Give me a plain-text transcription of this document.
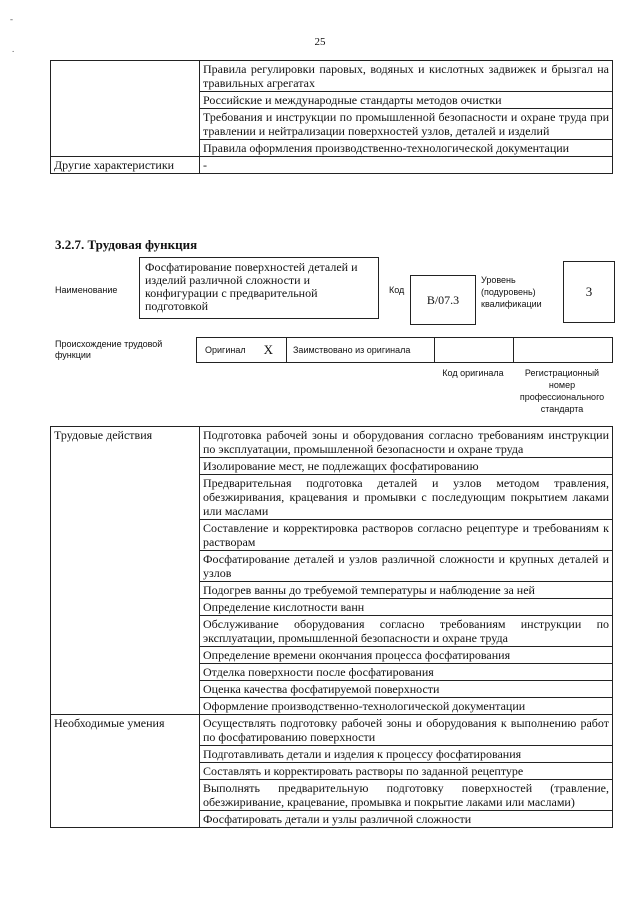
-
.
25
	Правила регулировки паровых, водяных и кислотных задвижек и брызгал на травильных агрегатах
	Российские и международные стандарты методов очистки
	Требования и инструкции по промышленной безопасности и охране труда при травлении и нейтрализации поверхностей узлов, деталей и изделий
	Правила оформления производственно-технологической документации
Другие характеристики	-
3.2.7. Трудовая функция
Наименование
Фосфатирование поверхностей деталей и изделий различной сложности и конфигурации с предварительной подготовкой
Код
B/07.3
Уровень (подуровень) квалификации
3
Происхождение трудовой функции	Оригинал X	Заимствовано из оригинала
Код оригинала	Регистрационный номер профессионального стандарта
Трудовые действия	Подготовка рабочей зоны и оборудования согласно требованиям инструкции по эксплуатации, промышленной безопасности и охране труда
	Изолирование мест, не подлежащих фосфатированию
	Предварительная подготовка деталей и узлов методом травления, обезжиривания, крацевания и промывки с последующим покрытием лаками или маслами
	Составление и корректировка растворов согласно рецептуре и требованиям к растворам
	Фосфатирование деталей и узлов различной сложности и крупных деталей и узлов
	Подогрев ванны до требуемой температуры и наблюдение за ней
	Определение кислотности ванн
	Обслуживание оборудования согласно требованиям инструкции по эксплуатации, промышленной безопасности и охране труда
	Определение времени окончания процесса фосфатирования
	Отделка поверхности после фосфатирования
	Оценка качества фосфатируемой поверхности
	Оформление производственно-технологической документации
Необходимые умения	Осуществлять подготовку рабочей зоны и оборудования к выполнению работ по фосфатированию поверхности
	Подготавливать детали и изделия к процессу фосфатирования
	Составлять и корректировать растворы по заданной рецептуре
	Выполнять предварительную подготовку поверхностей (травление, обезжиривание, крацевание, промывка и покрытие лаками или маслами)
	Фосфатировать детали и узлы различной сложности
